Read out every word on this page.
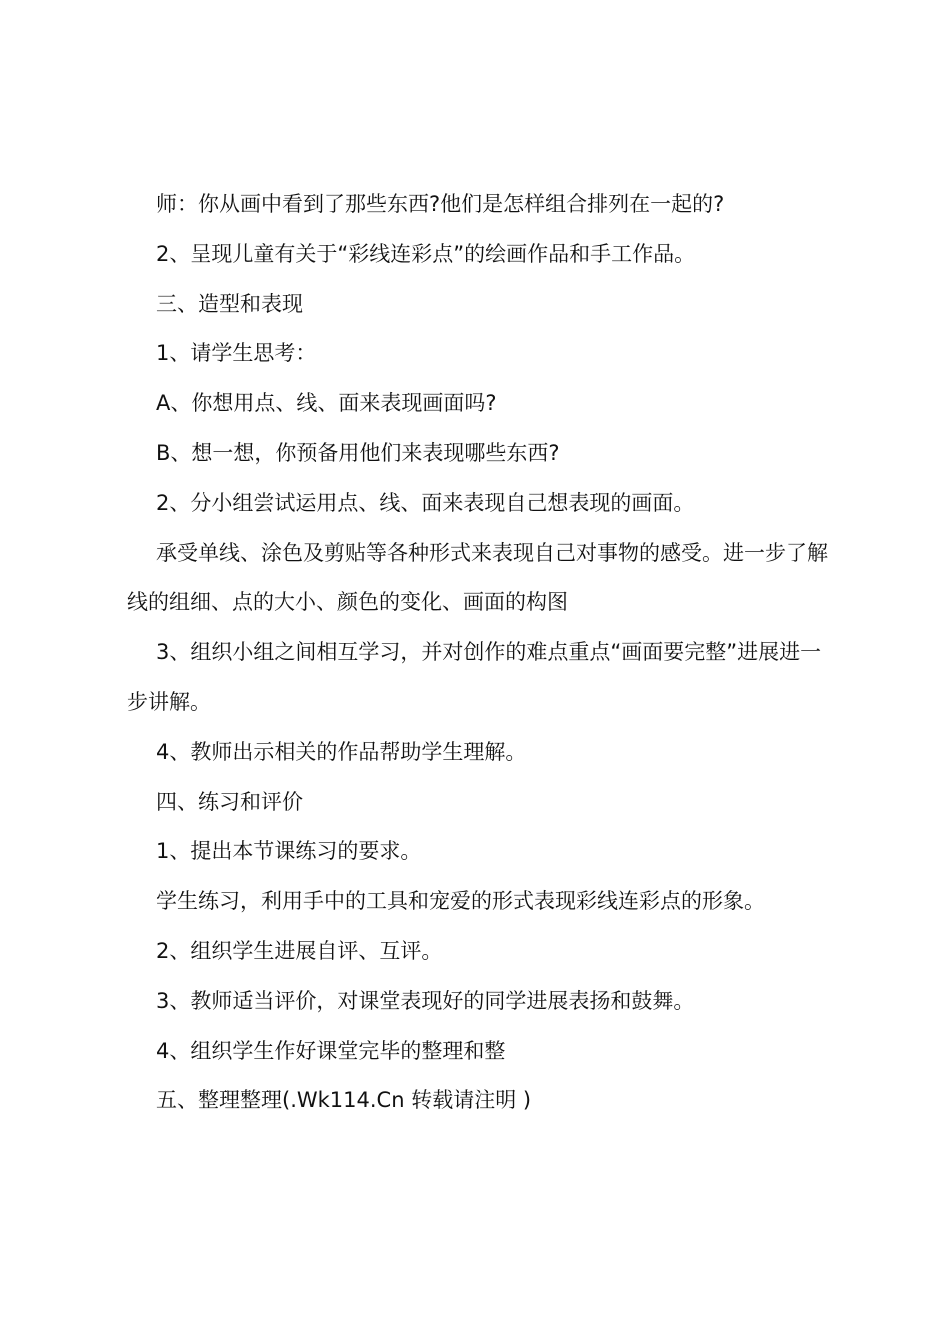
师：你从画中看到了那些东西?他们是怎样组合排列在一起的?

2、呈现儿童有关于“彩线连彩点”的绘画作品和手工作品。

三、造型和表现

1、请学生思考：

A、你想用点、线、面来表现画面吗?

B、想一想，你预备用他们来表现哪些东西?

2、分小组尝试运用点、线、面来表现自己想表现的画面。

承受单线、涂色及剪贴等各种形式来表现自己对事物的感受。进一步了解线的组细、点的大小、颜色的变化、画面的构图

3、组织小组之间相互学习，并对创作的难点重点“画面要完整”进展进一步讲解。

4、教师出示相关的作品帮助学生理解。

四、练习和评价

1、提出本节课练习的要求。

学生练习，利用手中的工具和宠爱的形式表现彩线连彩点的形象。

2、组织学生进展自评、互评。

3、教师适当评价，对课堂表现好的同学进展表扬和鼓舞。

4、组织学生作好课堂完毕的整理和整

五、整理整理(.Wk114.Cn 转载请注明 )
